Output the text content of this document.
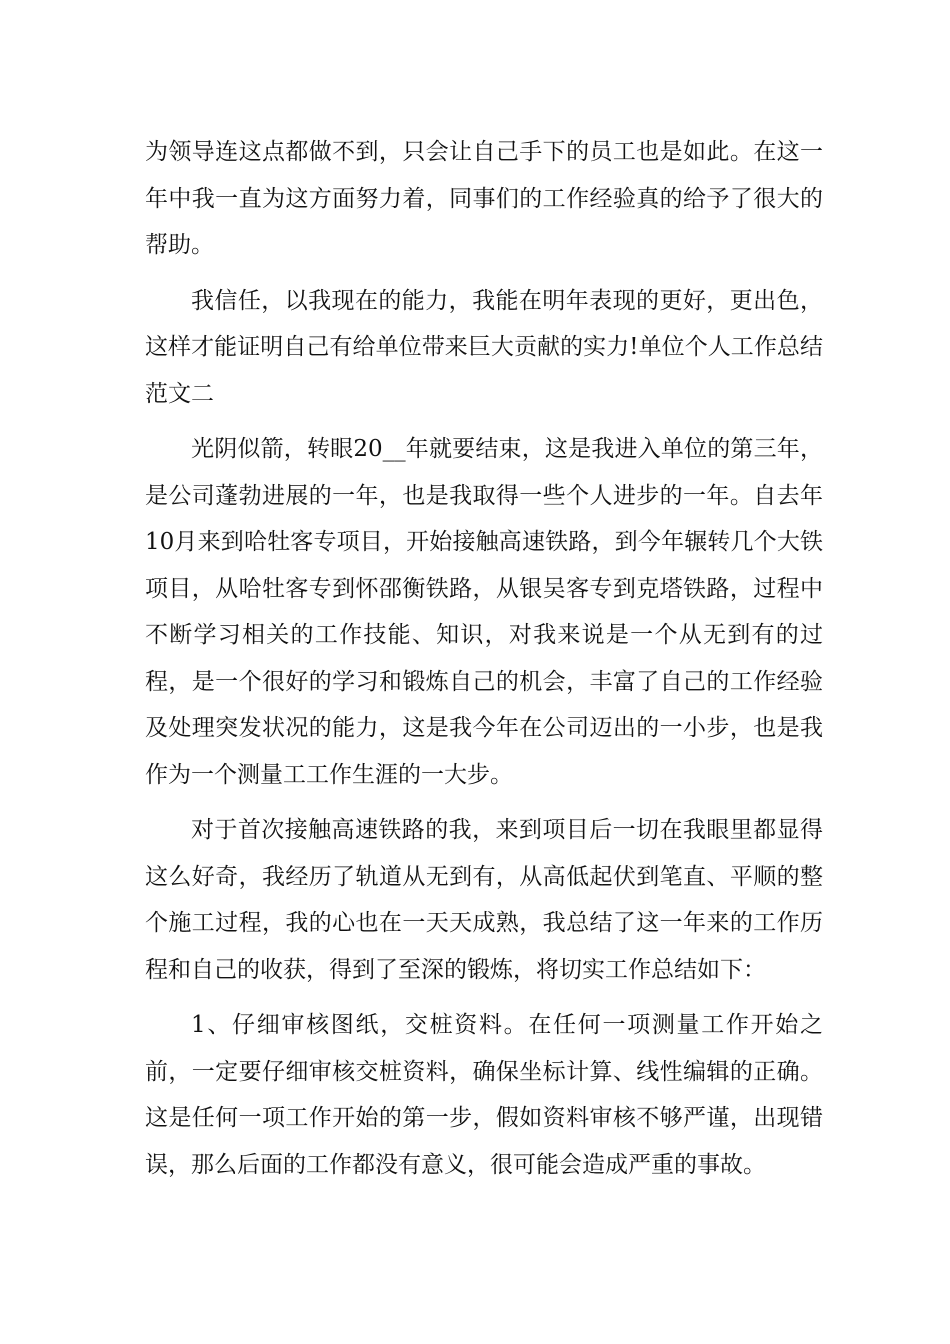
为领导连这点都做不到，只会让自己手下的员工也是如此。在这一年中我一直为这方面努力着，同事们的工作经验真的给予了很大的帮助。

我信任，以我现在的能力，我能在明年表现的更好，更出色，这样才能证明自己有给单位带来巨大贡献的实力!单位个人工作总结范文二

光阴似箭，转眼20__年就要结束，这是我进入单位的第三年，是公司蓬勃进展的一年，也是我取得一些个人进步的一年。自去年10月来到哈牡客专项目，开始接触高速铁路，到今年辗转几个大铁项目，从哈牡客专到怀邵衡铁路，从银吴客专到克塔铁路，过程中不断学习相关的工作技能、知识，对我来说是一个从无到有的过程，是一个很好的学习和锻炼自己的机会，丰富了自己的工作经验及处理突发状况的能力，这是我今年在公司迈出的一小步，也是我作为一个测量工工作生涯的一大步。

对于首次接触高速铁路的我，来到项目后一切在我眼里都显得这么好奇，我经历了轨道从无到有，从高低起伏到笔直、平顺的整个施工过程，我的心也在一天天成熟，我总结了这一年来的工作历程和自己的收获，得到了至深的锻炼，将切实工作总结如下：

1、仔细审核图纸，交桩资料。在任何一项测量工作开始之前，一定要仔细审核交桩资料，确保坐标计算、线性编辑的正确。这是任何一项工作开始的第一步，假如资料审核不够严谨，出现错误，那么后面的工作都没有意义，很可能会造成严重的事故。
